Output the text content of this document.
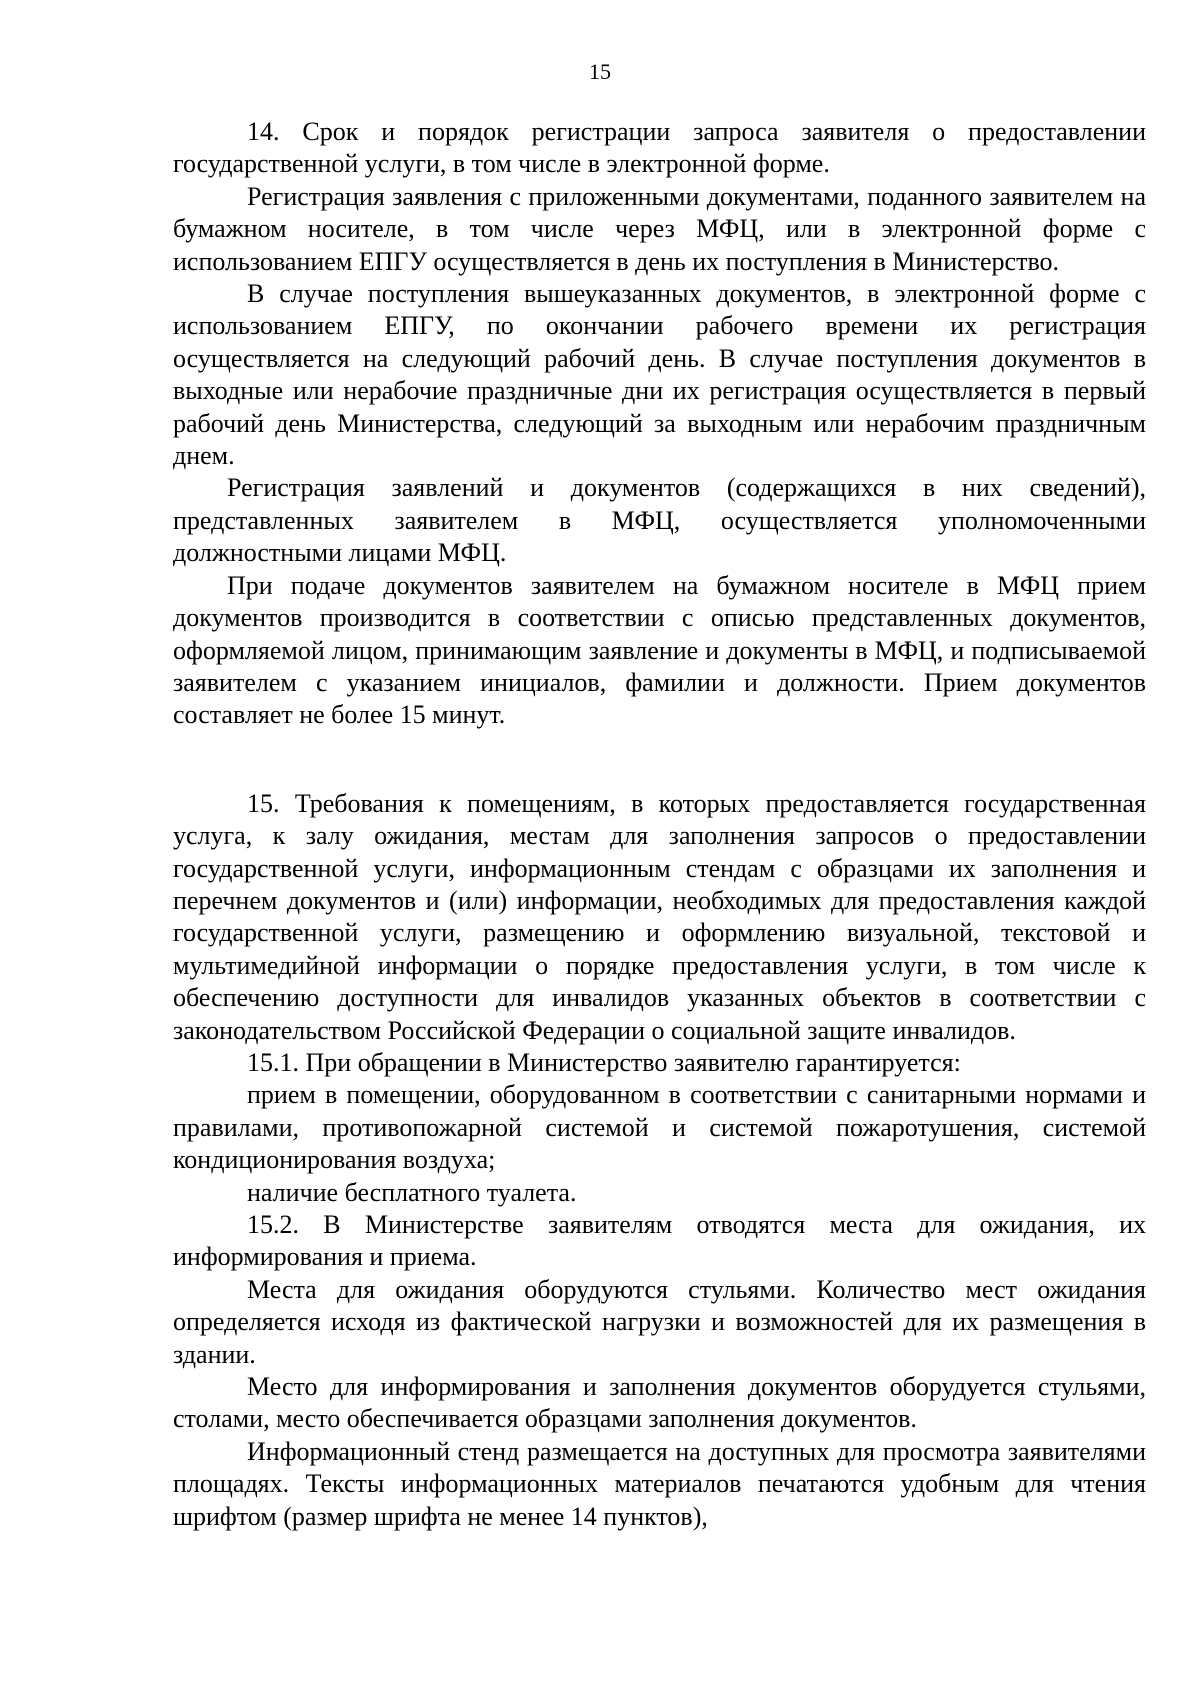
15

14. Срок и порядок регистрации запроса заявителя о предоставлении государственной услуги, в том числе в электронной форме.

Регистрация заявления с приложенными документами, поданного заявителем на бумажном носителе, в том числе через МФЦ, или в электронной форме с использованием ЕПГУ осуществляется в день их поступления в Министерство.

В случае поступления вышеуказанных документов, в электронной форме с использованием ЕПГУ, по окончании рабочего времени их регистрация осуществляется на следующий рабочий день. В случае поступления документов в выходные или нерабочие праздничные дни их регистрация осуществляется в первый рабочий день Министерства, следующий за выходным или нерабочим праздничным днем.

Регистрация заявлений и документов (содержащихся в них сведений), представленных заявителем в МФЦ, осуществляется уполномоченными должностными лицами МФЦ.

При подаче документов заявителем на бумажном носителе в МФЦ прием документов производится в соответствии с описью представленных документов, оформляемой лицом, принимающим заявление и документы в МФЦ, и подписываемой заявителем с указанием инициалов, фамилии и должности. Прием документов составляет не более 15 минут.

15. Требования к помещениям, в которых предоставляется государственная услуга, к залу ожидания, местам для заполнения запросов о предоставлении государственной услуги, информационным стендам с образцами их заполнения и перечнем документов и (или) информации, необходимых для предоставления каждой государственной услуги, размещению и оформлению визуальной, текстовой и мультимедийной информации о порядке предоставления услуги, в том числе к обеспечению доступности для инвалидов указанных объектов в соответствии с законодательством Российской Федерации о социальной защите инвалидов.

15.1. При обращении в Министерство заявителю гарантируется:

прием в помещении, оборудованном в соответствии с санитарными нормами и правилами, противопожарной системой и системой пожаротушения, системой кондиционирования воздуха;

наличие бесплатного туалета.

15.2. В Министерстве заявителям отводятся места для ожидания, их информирования и приема.

Места для ожидания оборудуются стульями. Количество мест ожидания определяется исходя из фактической нагрузки и возможностей для их размещения в здании.

Место для информирования и заполнения документов оборудуется стульями, столами, место обеспечивается образцами заполнения документов.

Информационный стенд размещается на доступных для просмотра заявителями площадях. Тексты информационных материалов печатаются удобным для чтения шрифтом (размер шрифта не менее 14 пунктов),
